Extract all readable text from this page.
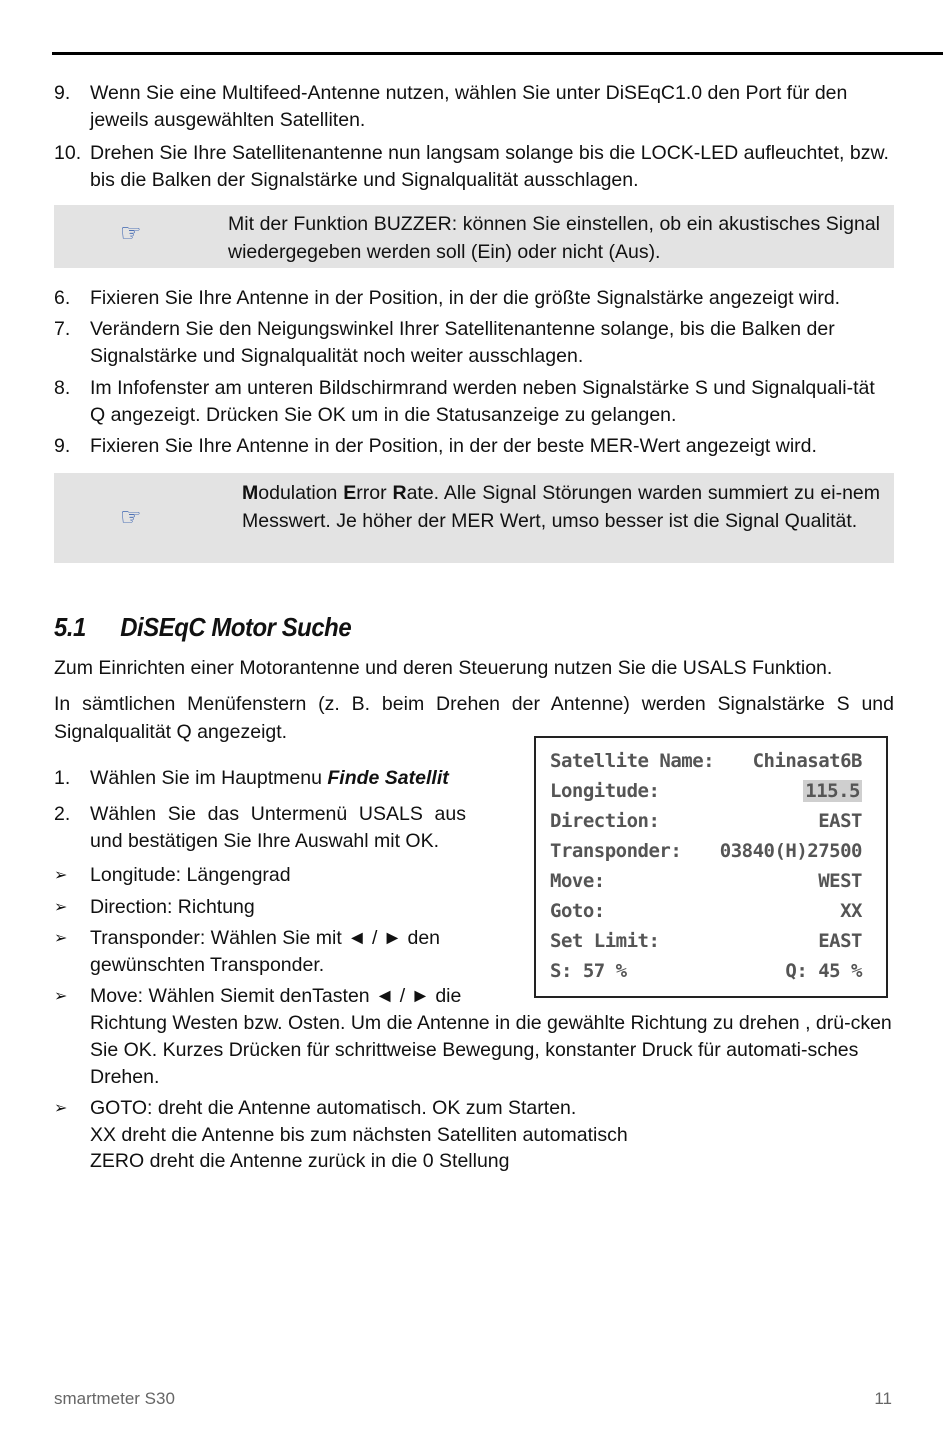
9. Wenn Sie eine Multifeed-Antenne nutzen, wählen Sie unter DiSEqC1.0 den Port für den jeweils ausgewählten Satelliten.
10. Drehen Sie Ihre Satellitenantenne nun langsam solange bis die LOCK-LED aufleuchtet, bzw. bis die Balken der Signalstärke und Signalqualität ausschlagen.
☞	Mit der Funktion BUZZER: können Sie einstellen, ob ein akustisches Signal wiedergegeben werden soll (Ein) oder nicht (Aus).
6. Fixieren Sie Ihre Antenne in der Position, in der die größte Signalstärke angezeigt wird.
7. Verändern Sie den Neigungswinkel Ihrer Satellitenantenne solange, bis die Balken der Signalstärke und Signalqualität noch weiter ausschlagen.
8. Im Infofenster am unteren Bildschirmrand werden neben Signalstärke S und Signalquali-tät Q angezeigt. Drücken Sie OK um in die Statusanzeige zu gelangen.
9. Fixieren Sie Ihre Antenne in der Position, in der der beste MER-Wert angezeigt wird.
☞
Modulation Error Rate. Alle Signal Störungen warden summiert zu ei-nem Messwert. Je höher der MER Wert, umso besser ist die Signal Qualität.
5.1 DiSEqC Motor Suche
Zum Einrichten einer Motorantenne und deren Steuerung nutzen Sie die USALS Funktion.
In sämtlichen Menüfenstern (z. B. beim Drehen der Antenne) werden Signalstärke S und Signalqualität Q angezeigt.
1. Wählen Sie im Hauptmenu Finde Satellit
2. Wählen Sie das Untermenü USALS aus und bestätigen Sie Ihre Auswahl mit OK.
➢ Longitude: Längengrad
➢ Direction: Richtung
➢ Transponder: Wählen Sie mit ◄ / ► den gewünschten Transponder.
➢ Move: Wählen Siemit denTasten ◄ / ► die
Richtung Westen bzw. Osten. Um die Antenne in die gewählte Richtung zu drehen , drü-cken Sie OK. Kurzes Drücken für schrittweise Bewegung, konstanter Druck für automati-sches Drehen.
➢ GOTO: dreht die Antenne automatisch. OK zum Starten.
XX dreht die Antenne bis zum nächsten Satelliten automatisch
ZERO dreht die Antenne zurück in die 0 Stellung
Satellite Name: Chinasat6B
Longitude:	115.5
Direction:	EAST
Transponder: 03840(H)27500
Move:	WEST
Goto:	XX
Set Limit:	EAST
S: 57 %	Q: 45 %
smartmeter S30	11
